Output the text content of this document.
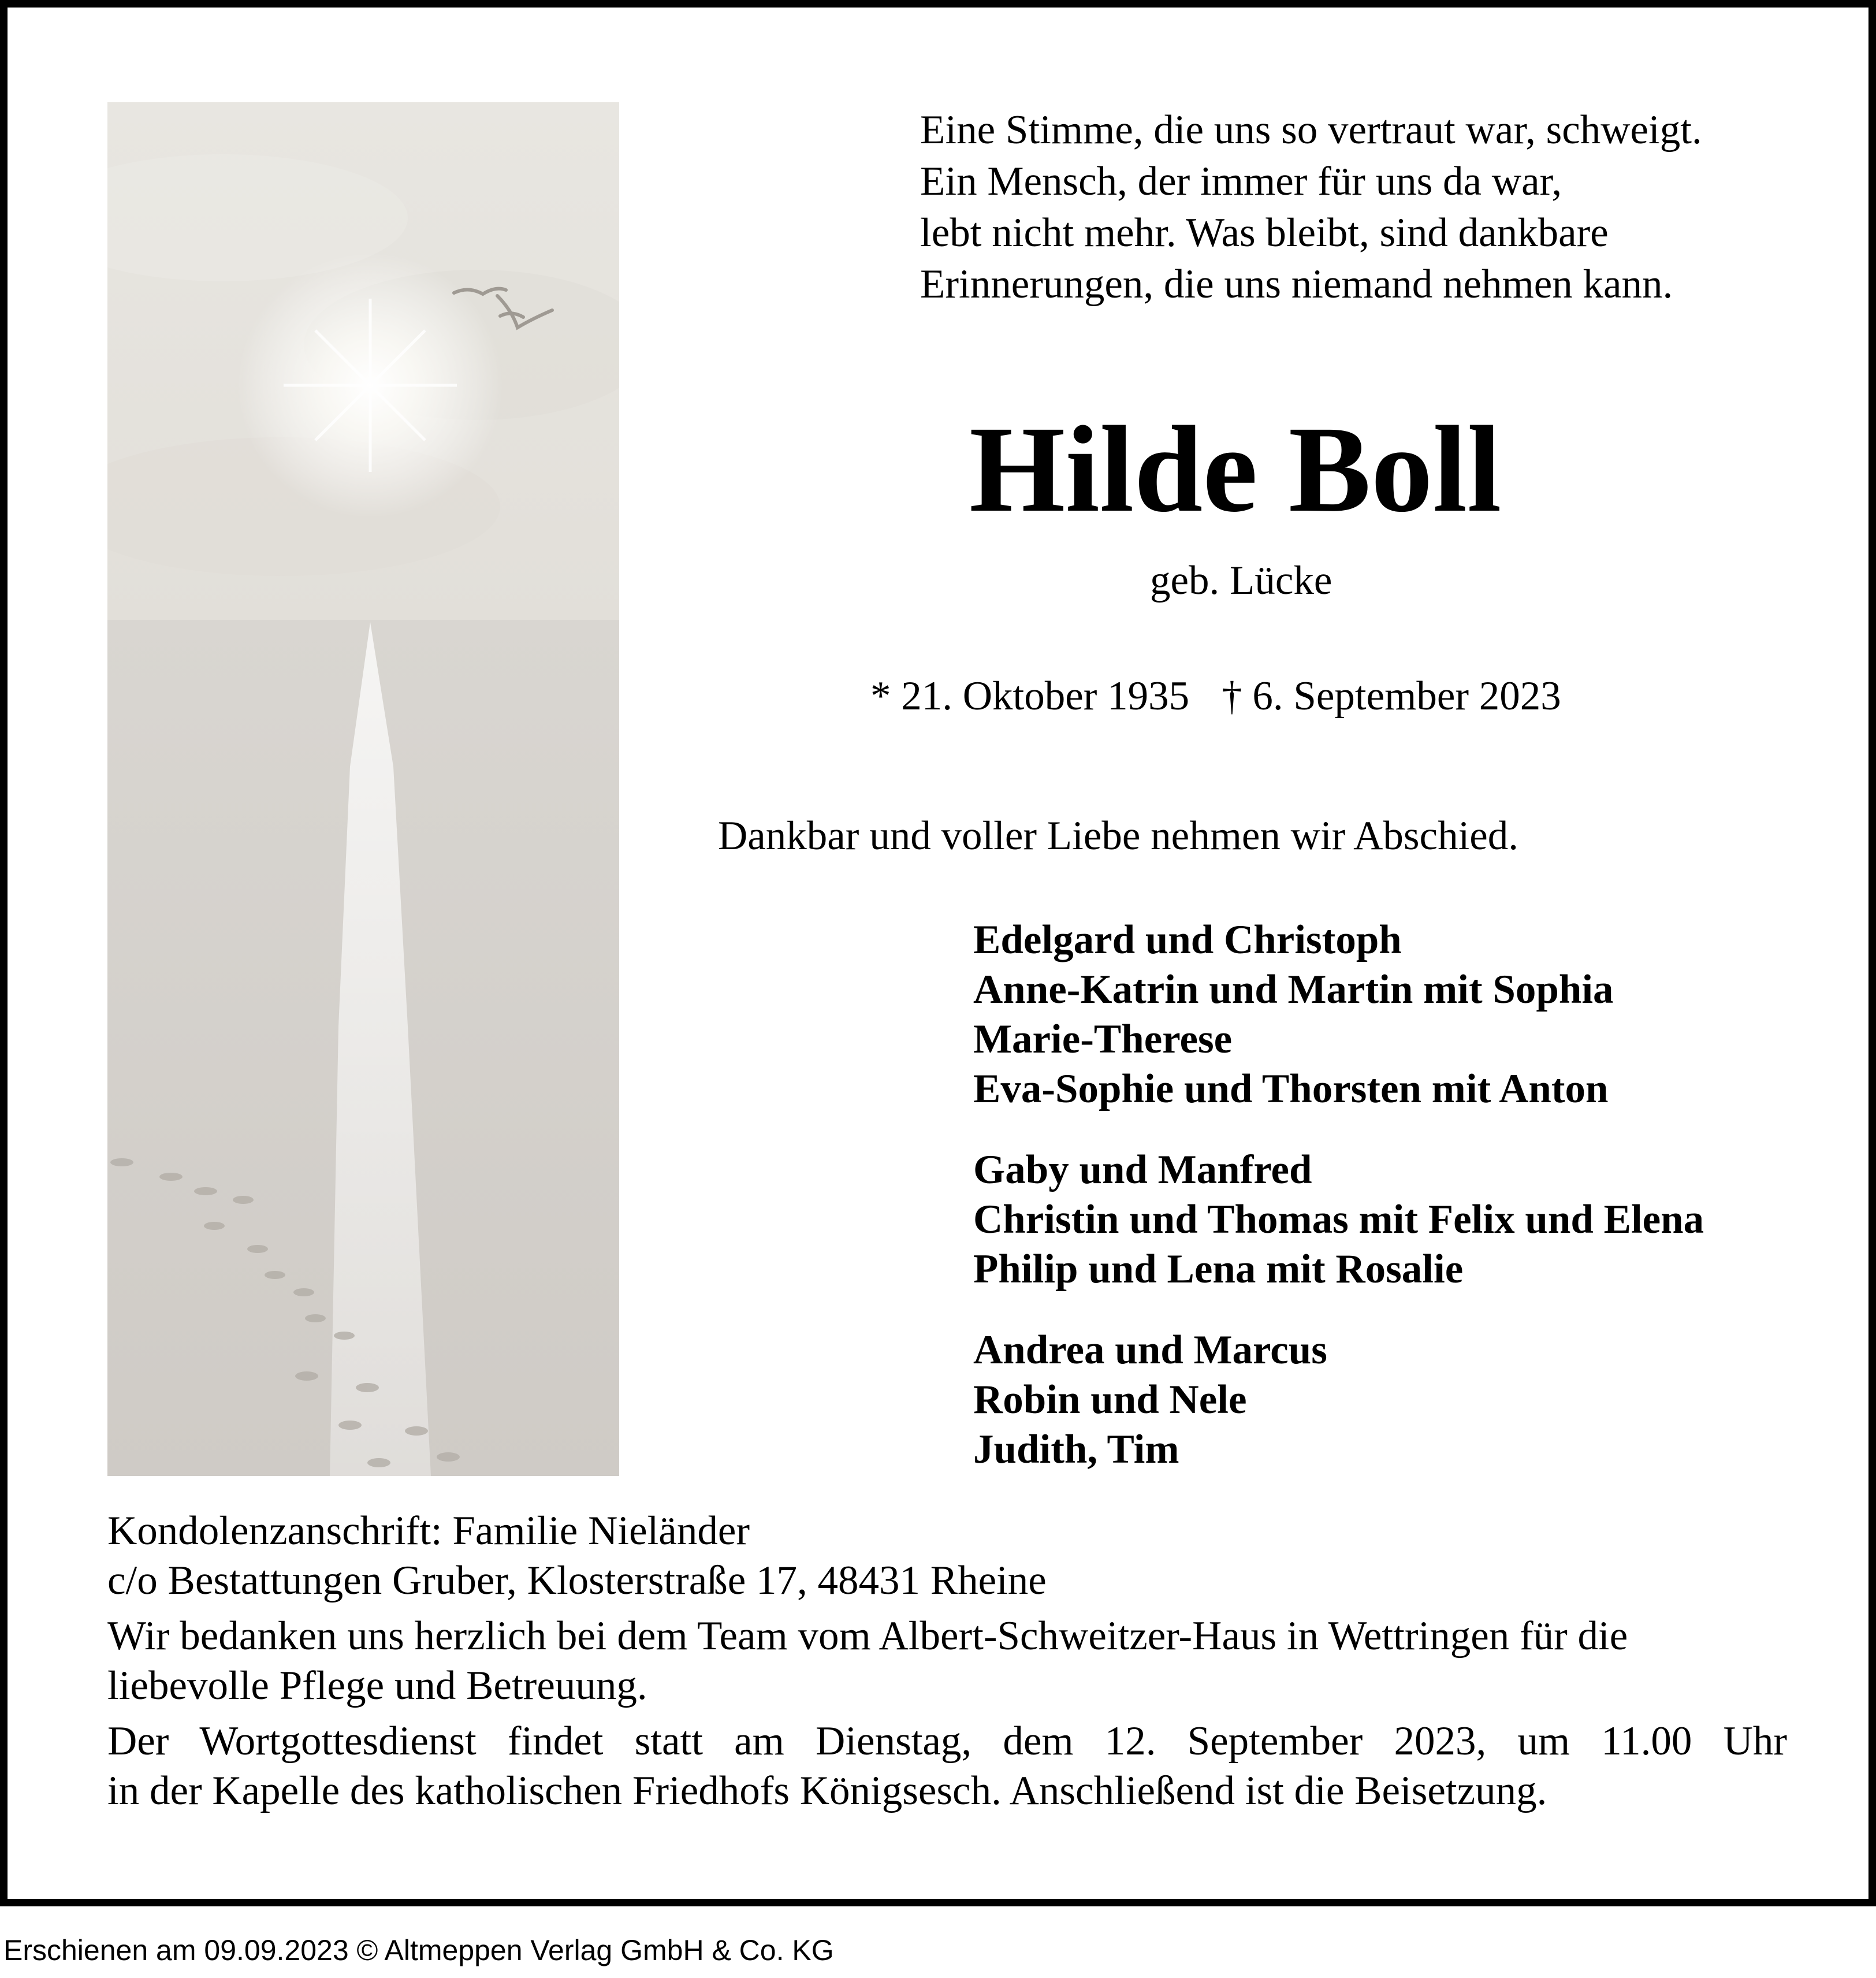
Eine Stimme, die uns so vertraut war, schweigt.
Ein Mensch, der immer für uns da war,
lebt nicht mehr. Was bleibt, sind dankbare
Erinnerungen, die uns niemand nehmen kann.
Hilde Boll
geb. Lücke
* 21. Oktober 1935 † 6. September 2023
Dankbar und voller Liebe nehmen wir Abschied.
Edelgard und Christoph
Anne-Katrin und Martin mit Sophia
Marie-Therese
Eva-Sophie und Thorsten mit Anton
Gaby und Manfred
Christin und Thomas mit Felix und Elena
Philip und Lena mit Rosalie
Andrea und Marcus
Robin und Nele
Judith, Tim

Kondolenzanschrift: Familie Nieländer
c/o Bestattungen Gruber, Klosterstraße 17, 48431 Rheine

Wir bedanken uns herzlich bei dem Team vom Albert-Schweitzer-Haus in Wettringen für die
liebevolle Pflege und Betreuung.

Der Wortgottesdienst findet statt am Dienstag, dem 12. September 2023, um 11.00 Uhr

in der Kapelle des katholischen Friedhofs Königsesch. Anschließend ist die Beisetzung.

Erschienen am 09.09.2023 © Altmeppen Verlag GmbH & Co. KG
